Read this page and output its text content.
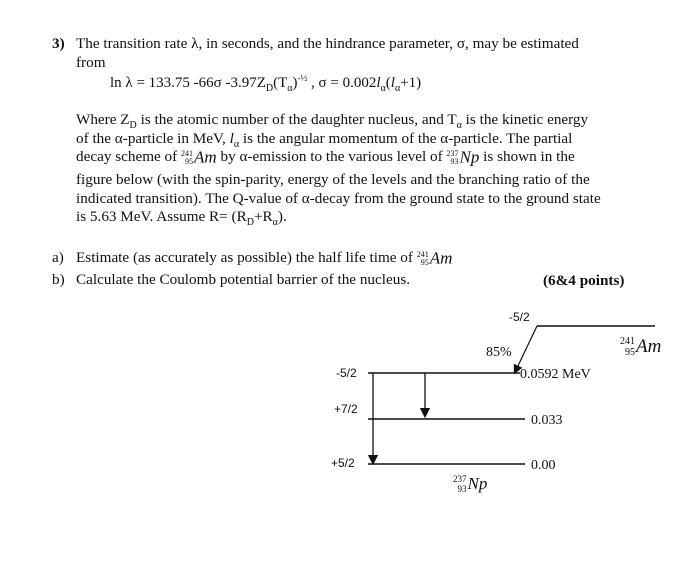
3) The transition rate λ, in seconds, and the hindrance parameter, σ, may be estimated
from
ln λ = 133.75 -66σ $-3.97Z_D(T_\alpha)^{-\frac{1}{2}}$ , $\sigma = 0.002l_\alpha(l_\alpha+1)$
Where $Z_D$ is the atomic number of the daughter nucleus, and $T_\alpha$ is the kinetic energy
of the α-particle in MeV, $l_\alpha$ is the angular momentum of the α-particle. The partial
decay scheme of 241
95Am by α-emission to the various level of 237
93Np is shown in the
figure below (with the spin-parity, energy of the levels and the branching ratio of the
indicated transition). The Q-value of α-decay from the ground state to the ground state
is 5.63 MeV. Assume $R= (R_D+R_\alpha)$.
a) Estimate (as accurately as possible) the half life time of 241
95Am
b) Calculate the Coulomb potential barrier of the nucleus.	(6&4 points)
-5/2
85%
-5/2	0.0592 MeV
+7/2
0.033
+5/2	0.00
241
95Am
237
93Np
